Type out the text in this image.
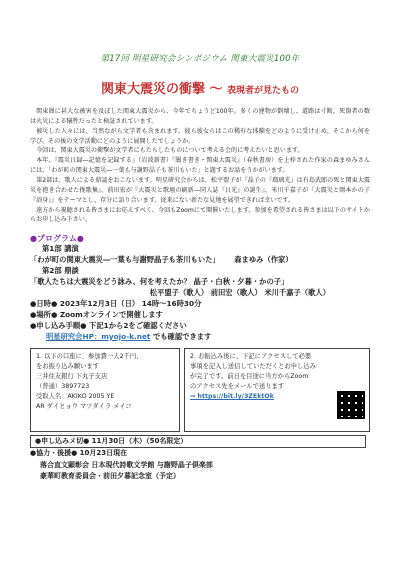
第17回 明星研究会シンポジウム 関東大震災100年
関東大震災の衝撃 〜 表現者が見たもの

関東圏に甚大な被害を及ぼした関東大震災から、今年でちょうど100年。多くの建物が倒壊し、道路は寸断、死傷者の数は火災による犠牲だったと検証されています。

被災した人々には、当然ながら文学者も含まれます。彼ら彼女らはこの稀有な体験をどのように受け止め、そこから何を学び、その後の文学活動にどのように展開したでしょうか。

今回は、関東大震災の衝撃が文学者にもたらしたものについて考える会的に考えたいと思います。

本年、『震災日録―記憶を記録する』（岩波新書）『闇き書き・関東大震災』（春秋書房）を上梓された作家の森まゆみさんには、「わが町の関東大震災―一葉も与謝野晶子も茶川もいた」と題するお話をうかがいます。

第2部は、歌人による鼎談をおこないます。明星研究会からは、松平盟子が『晶子の『瑠璃光』は有島武郎の死と関東大震災を抱き合わせた挽歌集』、前田宏が『大震災と歌壇の刷新―同人誌『日光』の誕生』、米川千嘉子が『大震災と岡本かの子『浴身』』をテーマとし、存分に語り合います。従来にない新たな見地を展望できれば幸いです。

遠方から視聴される皆さまにお応えすべく、今回もZoomにて開催いたします。参加を希望される皆さまは以下のサイトからお申し込み下さい。

●プログラム●
第1部 講演
「わが町の関東大震災―一葉も与謝野晶子も茶川もいた」 森まゆみ（作家）
第2部 鼎談
「歌人たちは大震災をどう詠み、何を考えたか？ 晶子・白秋・夕暮・かの子」
松平盟子（歌人） 前田宏（歌人） 米川千嘉子（歌人）
●日時● 2023年12月3日（日） 14時〜16時30分
●場所● Zoomオンラインで開催します
●申し込み手順● 下記1から2をご確認ください
明星研究会HP：myojo-k.net でも確認できます
1. 以下の口座に、参加費一人2千円、
をお振り込み願います
三井住友銀行 下丸子支店
（普通）3897723
受取人名：AKIKO 2005 YE
AR ダイヒョウ マツダイラ メイコ
2. お振込み後に、下記にアクセスして必要
事項を記入し送信していただくとお申し込み
が完了です。前日を目途に当方からZoom
のアクセス先をメールで送ります
⇒ https://bit.ly/3ZEktOk
●申し込みメ切● 11月30日（木）（50名限定）
●協力・後援● 10月23日現在
落合直文顕彰会 日本現代詩歌文学館 与謝野晶子倶楽部
豪華町教育委員会・前田夕暮記念室（予定）
